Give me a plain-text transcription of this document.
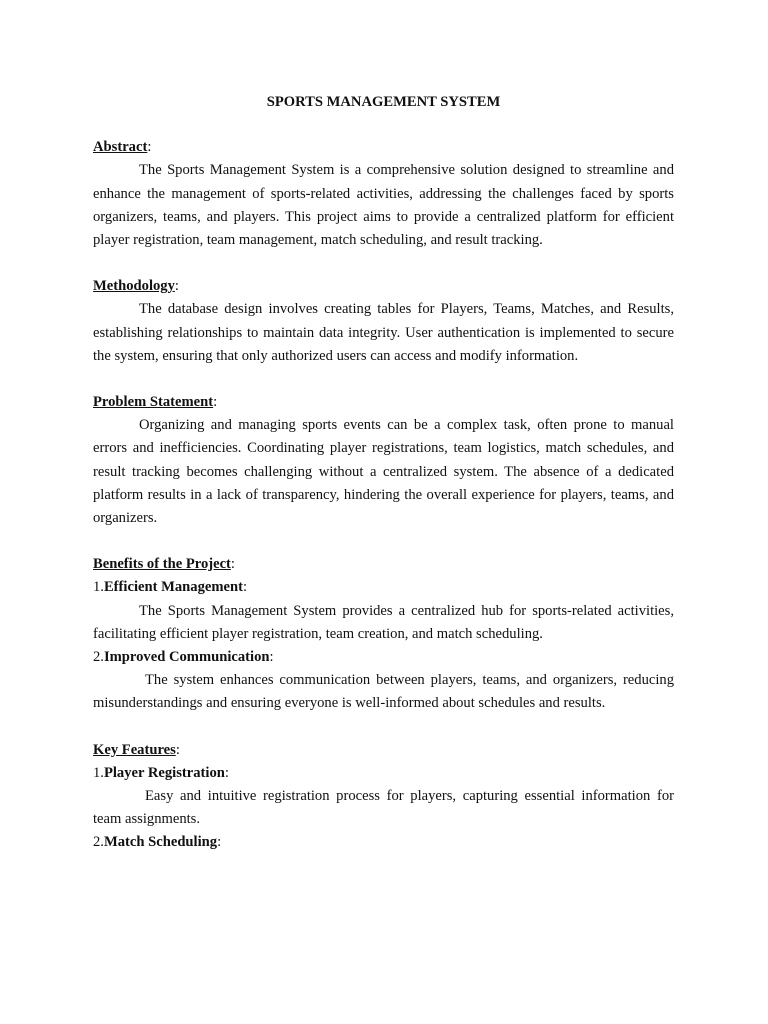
SPORTS MANAGEMENT SYSTEM
Abstract:

The Sports Management System is a comprehensive solution designed to streamline and enhance the management of sports-related activities, addressing the challenges faced by sports organizers, teams, and players. This project aims to provide a centralized platform for efficient player registration, team management, match scheduling, and result tracking.

Methodology:

The database design involves creating tables for Players, Teams, Matches, and Results, establishing relationships to maintain data integrity. User authentication is implemented to secure the system, ensuring that only authorized users can access and modify information.

Problem Statement:

Organizing and managing sports events can be a complex task, often prone to manual errors and inefficiencies. Coordinating player registrations, team logistics, match schedules, and result tracking becomes challenging without a centralized system. The absence of a dedicated platform results in a lack of transparency, hindering the overall experience for players, teams, and organizers.

Benefits of the Project:
1.Efficient Management:

The Sports Management System provides a centralized hub for sports-related activities, facilitating efficient player registration, team creation, and match scheduling.

2.Improved Communication:

The system enhances communication between players, teams, and organizers, reducing misunderstandings and ensuring everyone is well-informed about schedules and results.

Key Features:
1.Player Registration:

Easy and intuitive registration process for players, capturing essential information for team assignments.

2.Match Scheduling:
